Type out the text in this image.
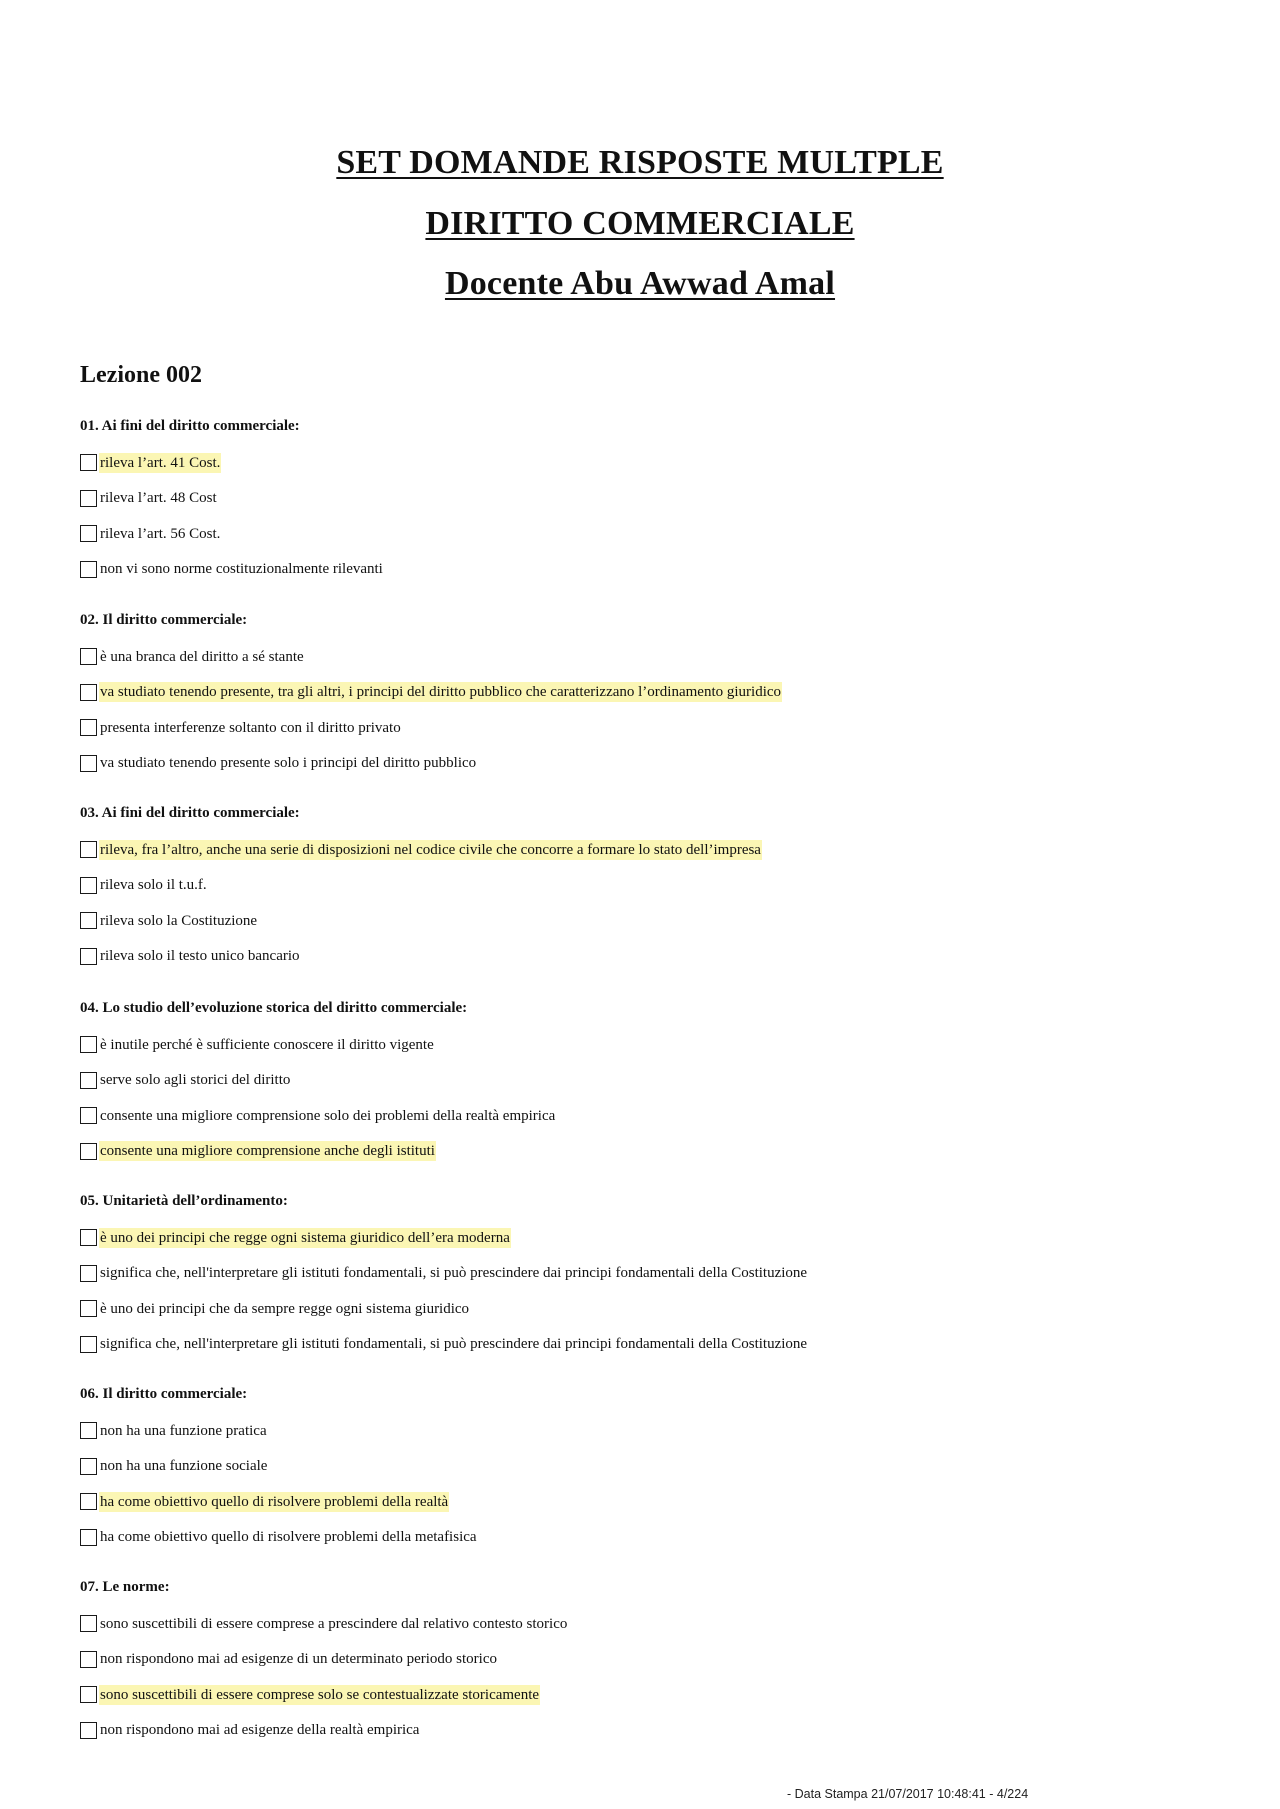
SET DOMANDE RISPOSTE MULTPLE
DIRITTO COMMERCIALE
Docente Abu Awwad Amal
Lezione 002
01. Ai fini del diritto commerciale:
rileva l’art. 41 Cost.
rileva l’art. 48 Cost
rileva l’art. 56 Cost.
non vi sono norme costituzionalmente rilevanti
02. Il diritto commerciale:
è una branca del diritto a sé stante
va studiato tenendo presente, tra gli altri, i principi del diritto pubblico che caratterizzano l’ordinamento giuridico
presenta interferenze soltanto con il diritto privato
va studiato tenendo presente solo i principi del diritto pubblico
03. Ai fini del diritto commerciale:
rileva, fra l’altro, anche una serie di disposizioni nel codice civile che concorre a formare lo stato dell’impresa
rileva solo il t.u.f.
rileva solo la Costituzione
rileva solo il testo unico bancario
04. Lo studio dell’evoluzione storica del diritto commerciale:
è inutile perché è sufficiente conoscere il diritto vigente
serve solo agli storici del diritto
consente una migliore comprensione solo dei problemi della realtà empirica
consente una migliore comprensione anche degli istituti
05. Unitarietà dell’ordinamento:
è uno dei principi che regge ogni sistema giuridico dell’era moderna
significa che, nell'interpretare gli istituti fondamentali, si può prescindere dai principi fondamentali della Costituzione
è uno dei principi che da sempre regge ogni sistema giuridico
significa che, nell'interpretare gli istituti fondamentali, si può prescindere dai principi fondamentali della Costituzione
06. Il diritto commerciale:
non ha una funzione pratica
non ha una funzione sociale
ha come obiettivo quello di risolvere problemi della realtà
ha come obiettivo quello di risolvere problemi della metafisica
07. Le norme:
sono suscettibili di essere comprese a prescindere dal relativo contesto storico
non rispondono mai ad esigenze di un determinato periodo storico
sono suscettibili di essere comprese solo se contestualizzate storicamente
non rispondono mai ad esigenze della realtà empirica
- Data Stampa 21/07/2017 10:48:41 - 4/224
